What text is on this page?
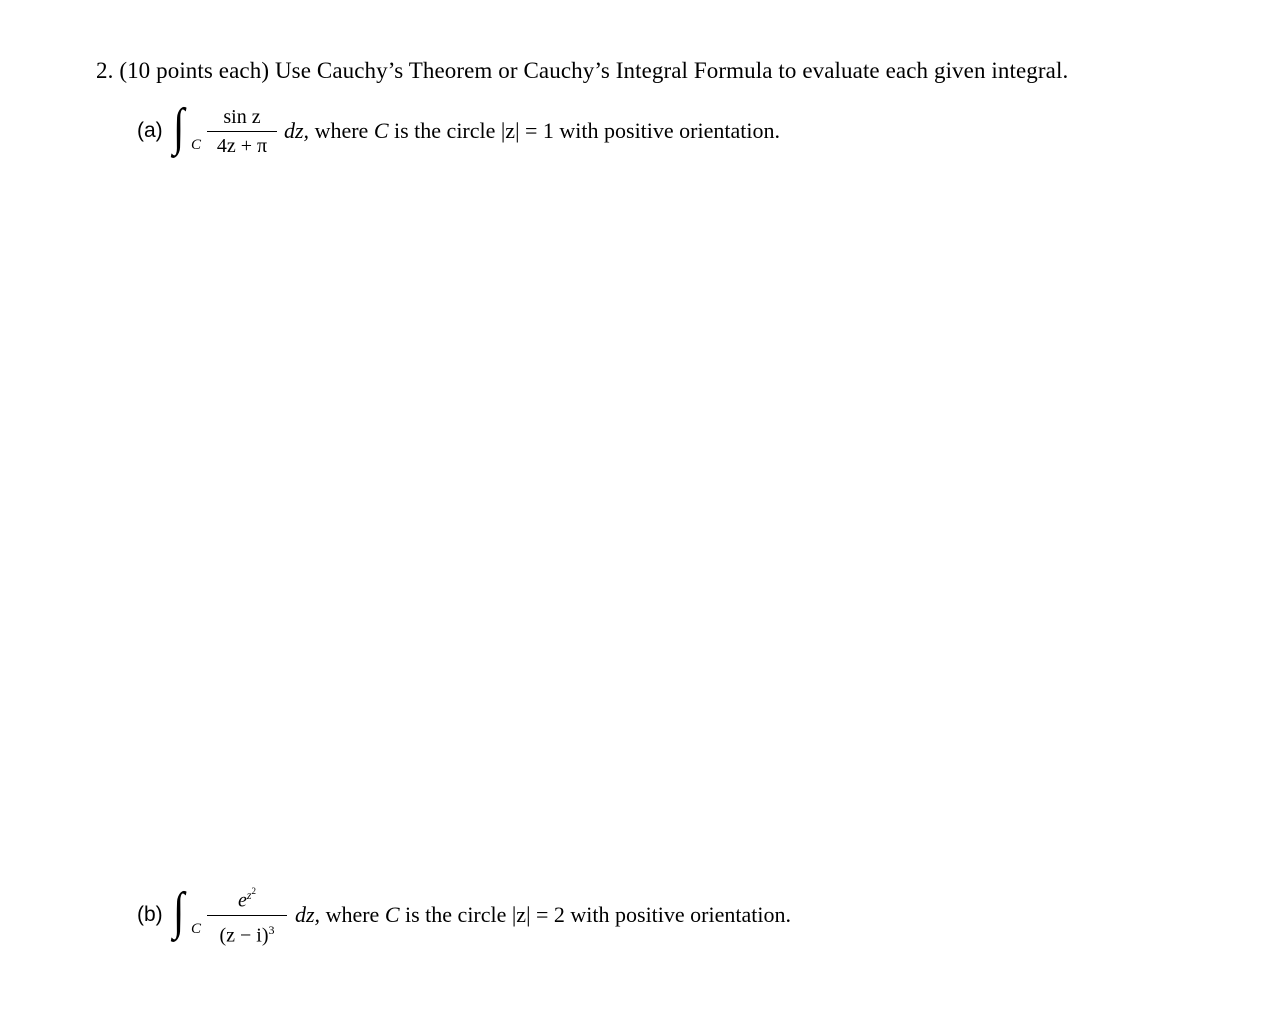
2. (10 points each) Use Cauchy’s Theorem or Cauchy’s Integral Formula to evaluate each given integral.
(a) ∫ C
sin z
4z + π
dz, where C is the circle |z| = 1 with positive orientation.
(b) ∫ C
$e^{z^2}$
$(z - i)^3$
dz, where C is the circle |z| = 2 with positive orientation.
